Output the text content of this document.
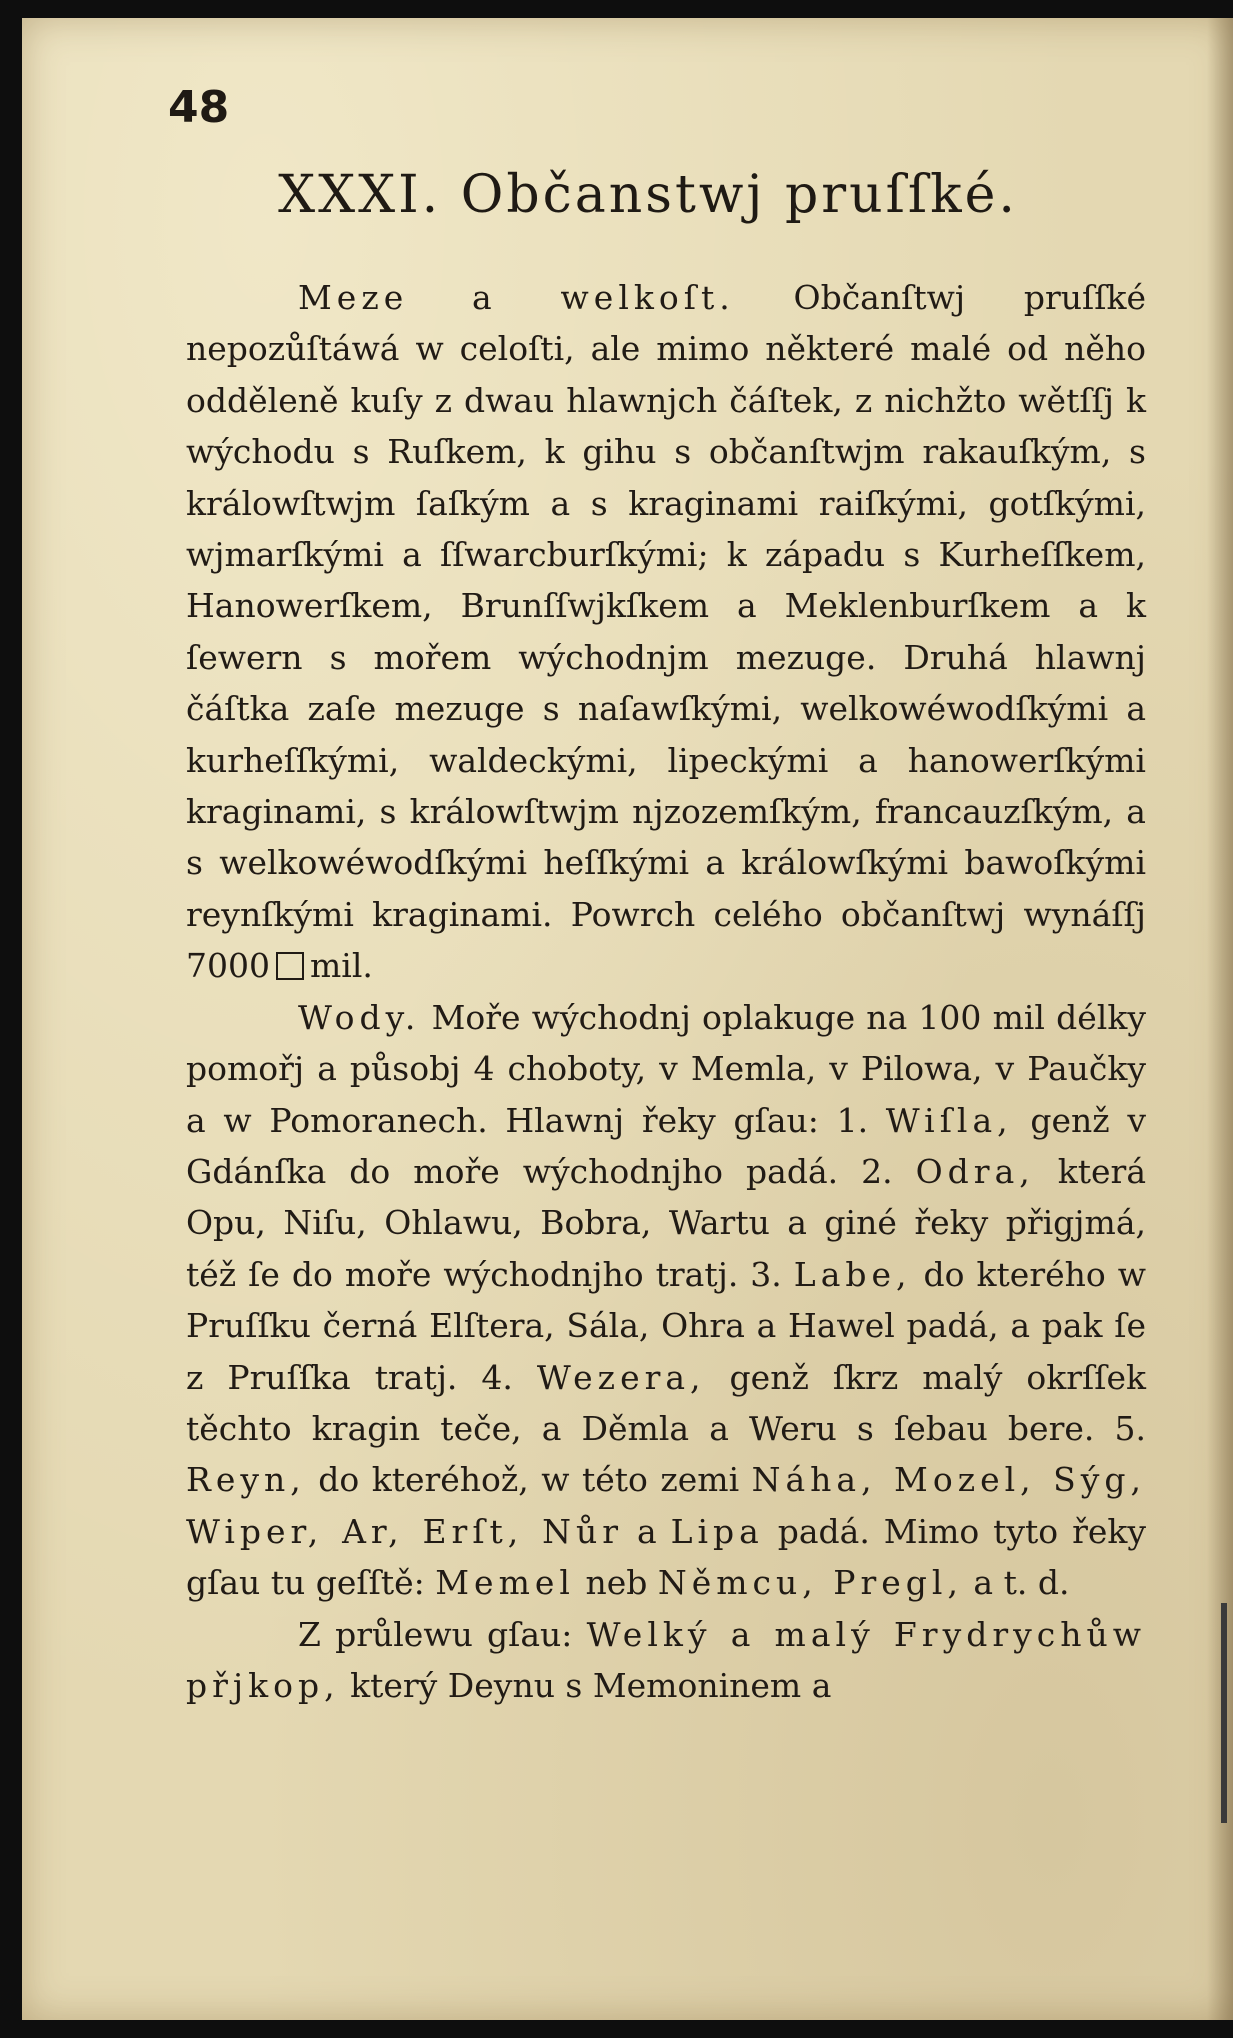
48
XXXI. Občanstwj pruſſké.

Meze a welkoſt. Občanſtwj pruſſké nepozůſtáwá w celoſti, ale mimo některé malé od něho odděleně kuſy z dwau hlawnjch čáſtek, z nichžto wětſſj k wýchodu s Ruſkem, k gihu s občanſtwjm rakauſkým, s králowſtwjm ſaſkým a s kraginami raiſkými, gotſkými, wjmarſkými a ſſwarcburſkými; k západu s Kurheſſkem, Hanowerſkem, Brunſſwjkſkem a Meklenburſkem a k ſewern s mořem wýchodnjm mezuge. Druhá hlawnj čáſtka zaſe mezuge s naſawſkými, welkowéwodſkými a kurheſſkými, waldeckými, lipeckými a hanowerſkými kraginami, s králowſtwjm njzozemſkým, francauzſkým, a s welkowéwodſkými heſſkými a králowſkými bawoſkými reynſkými kraginami. Powrch celého občanſtwj wynáſſj 7000 mil.

Wody. Moře wýchodnj oplakuge na 100 mil délky pomořj a působj 4 choboty, v Memla, v Pilowa, v Paučky a w Pomoranech. Hlawnj řeky gſau: 1. Wiſla, genž v Gdánſka do moře wýchodnjho padá. 2. Odra, která Opu, Niſu, Ohlawu, Bobra, Wartu a giné řeky přigjmá, též ſe do moře wýchodnjho tratj. 3. Labe, do kterého w Pruſſku černá Elſtera, Sála, Ohra a Hawel padá, a pak ſe z Pruſſka tratj. 4. Wezera, genž ſkrz malý okrſſek těchto kragin teče, a Děmla a Weru s ſebau bere. 5. Reyn, do kteréhož, w této zemi Náha, Mozel, Sýg, Wiper, Ar, Erſt, Nůr a Lipa padá. Mimo tyto řeky gſau tu geſſtě: Memel neb Němcu, Pregl, a t. d.

Z průlewu gſau: Welký a malý Frydrychůw přjkop, který Deynu s Memoninem a
